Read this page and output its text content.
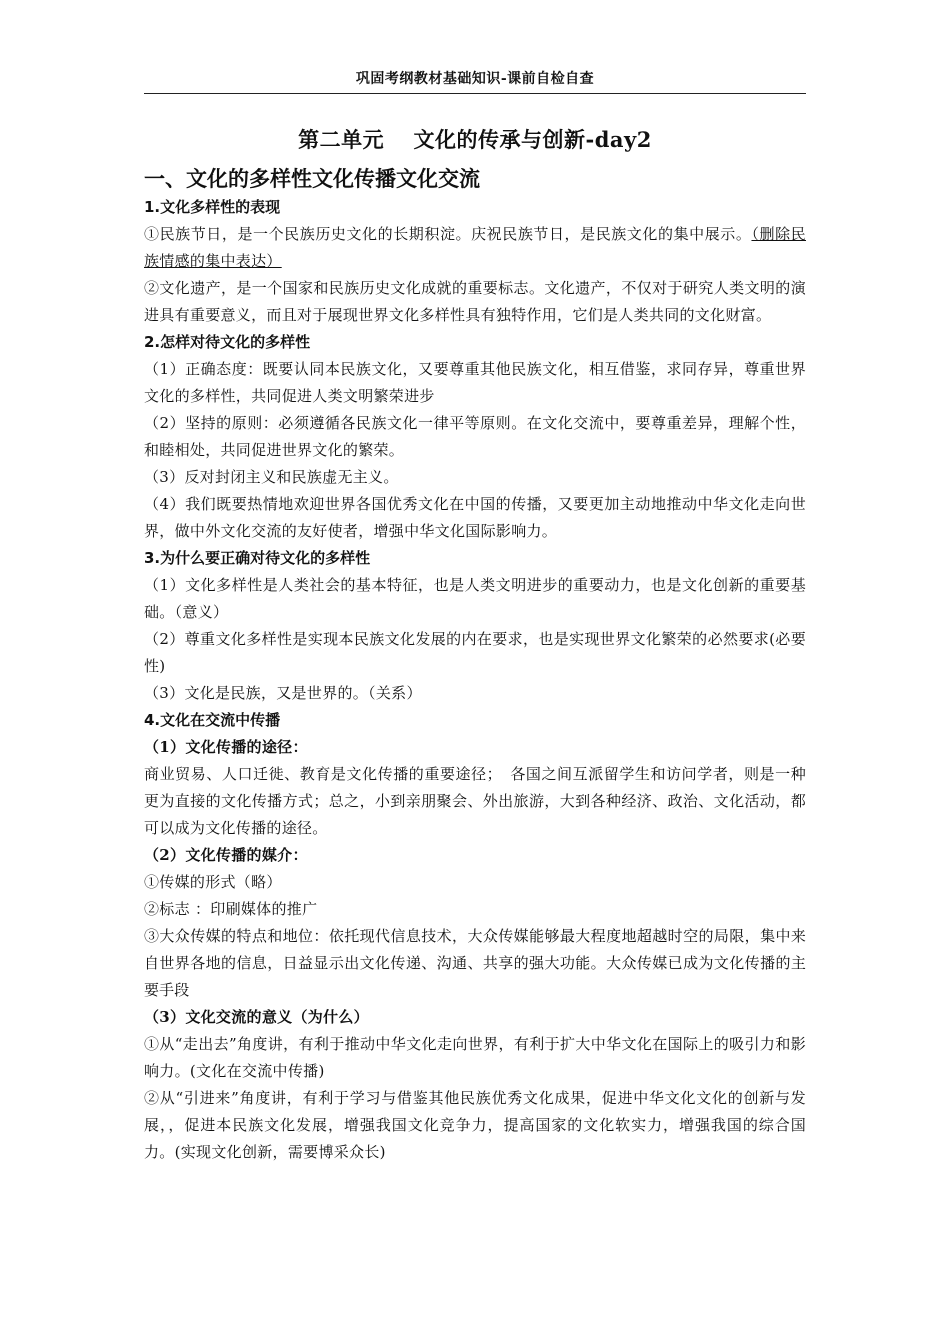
巩固考纲教材基础知识-课前自检自查
第二单元　 文化的传承与创新-day2
一、文化的多样性文化传播文化交流
1.文化多样性的表现

①民族节日，是一个民族历史文化的长期积淀。庆祝民族节日，是民族文化的集中展示。（删除民族情感的集中表达）

②文化遗产，是一个国家和民族历史文化成就的重要标志。文化遗产，不仅对于研究人类文明的演进具有重要意义，而且对于展现世界文化多样性具有独特作用，它们是人类共同的文化财富。

2.怎样对待文化的多样性

（1）正确态度：既要认同本民族文化，又要尊重其他民族文化，相互借鉴，求同存异，尊重世界文化的多样性，共同促进人类文明繁荣进步

（2）坚持的原则：必须遵循各民族文化一律平等原则。在文化交流中，要尊重差异，理解个性，和睦相处，共同促进世界文化的繁荣。

（3）反对封闭主义和民族虚无主义。

（4）我们既要热情地欢迎世界各国优秀文化在中国的传播，又要更加主动地推动中华文化走向世界，做中外文化交流的友好使者，增强中华文化国际影响力。

3.为什么要正确对待文化的多样性

（1）文化多样性是人类社会的基本特征，也是人类文明进步的重要动力，也是文化创新的重要基础。（意义）

（2）尊重文化多样性是实现本民族文化发展的内在要求，也是实现世界文化繁荣的必然要求(必要性)

（3）文化是民族，又是世界的。（关系）

4.文化在交流中传播

（1）文化传播的途径：

商业贸易、人口迁徙、教育是文化传播的重要途径；　各国之间互派留学生和访问学者，则是一种更为直接的文化传播方式；总之，小到亲朋聚会、外出旅游，大到各种经济、政治、文化活动，都可以成为文化传播的途径。

（2）文化传播的媒介：

①传媒的形式（略）

②标志 ：印刷媒体的推广

③大众传媒的特点和地位：依托现代信息技术，大众传媒能够最大程度地超越时空的局限，集中来自世界各地的信息，日益显示出文化传递、沟通、共享的强大功能。大众传媒已成为文化传播的主要手段

（3）文化交流的意义（为什么）

①从“走出去”角度讲，有利于推动中华文化走向世界，有利于扩大中华文化在国际上的吸引力和影响力。(文化在交流中传播)

②从“引进来”角度讲，有利于学习与借鉴其他民族优秀文化成果，促进中华文化文化的创新与发展，，促进本民族文化发展，增强我国文化竞争力，提高国家的文化软实力，增强我国的综合国力。(实现文化创新，需要博采众长)
